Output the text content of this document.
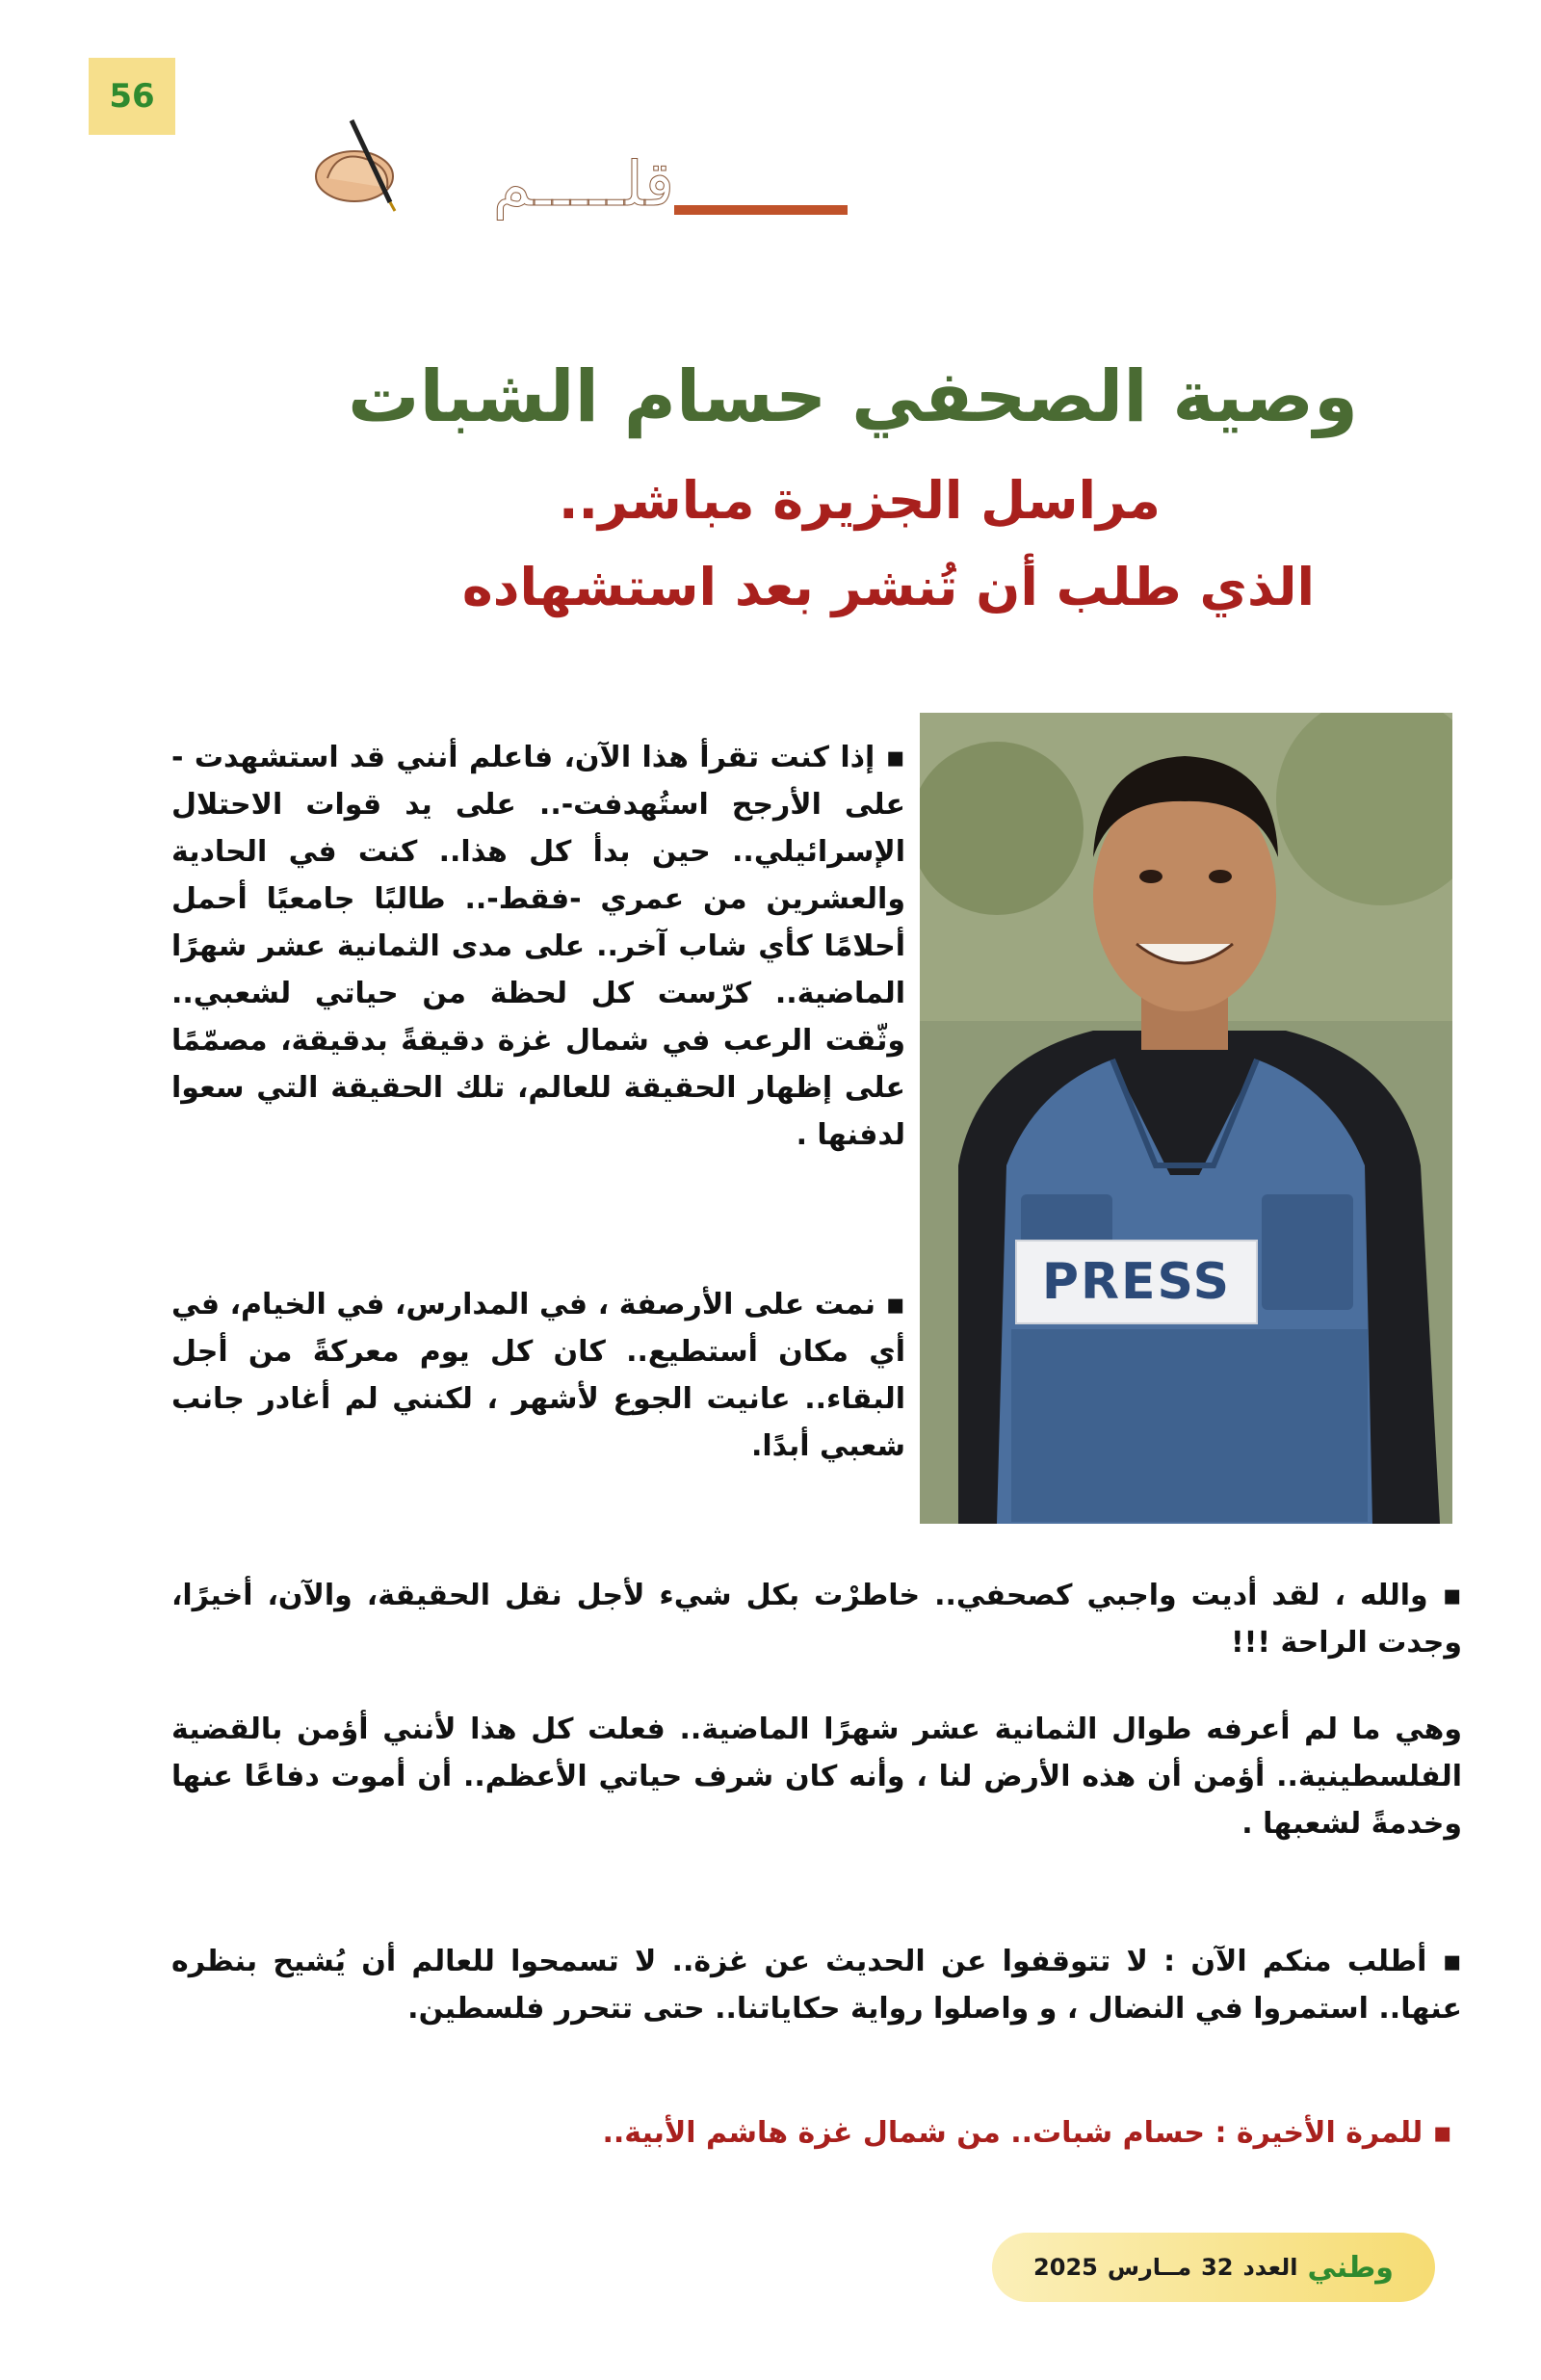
56
قلـــــم
وصية الصحفي حسام الشبات
مراسل الجزيرة مباشر..
الذي طلب أن تُنشر بعد استشهاده
PRESS

▪ إذا كنت تقرأ هذا الآن، فاعلم أنني قد استشهدت - على الأرجح استُهدفت-.. على يد قوات الاحتلال الإسرائيلي.. حين بدأ كل هذا.. كنت في الحادية والعشرين من عمري -فقط-.. طالبًا جامعيًا أحمل أحلامًا كأي شاب آخر.. على مدى الثمانية عشر شهرًا الماضية.. كرّست كل لحظة من حياتي لشعبي.. وثّقت الرعب في شمال غزة دقيقةً بدقيقة، مصمّمًا على إظهار الحقيقة للعالم، تلك الحقيقة التي سعوا لدفنها .

▪ نمت على الأرصفة ، في المدارس، في الخيام، في أي مكان أستطيع.. كان كل يوم معركةً من أجل البقاء.. عانيت الجوع لأشهر ، لكنني لم أغادر جانب شعبي أبدًا.

▪ والله ، لقد أديت واجبي كصحفي.. خاطرْت بكل شيء لأجل نقل الحقيقة، والآن، أخيرًا، وجدت الراحة !!!

وهي ما لم أعرفه طوال الثمانية عشر شهرًا الماضية.. فعلت كل هذا لأنني أؤمن بالقضية الفلسطينية.. أؤمن أن هذه الأرض لنا ، وأنه كان شرف حياتي الأعظم.. أن أموت دفاعًا عنها وخدمةً لشعبها .

▪ أطلب منكم الآن : لا تتوقفوا عن الحديث عن غزة.. لا تسمحوا للعالم أن يُشيح بنظره عنها.. استمروا في النضال ، و واصلوا رواية حكاياتنا.. حتى تتحرر فلسطين.

▪ للمرة الأخيرة : حسام شبات.. من شمال غزة هاشم الأبية..

وطني
العدد
32
مــارس
2025
